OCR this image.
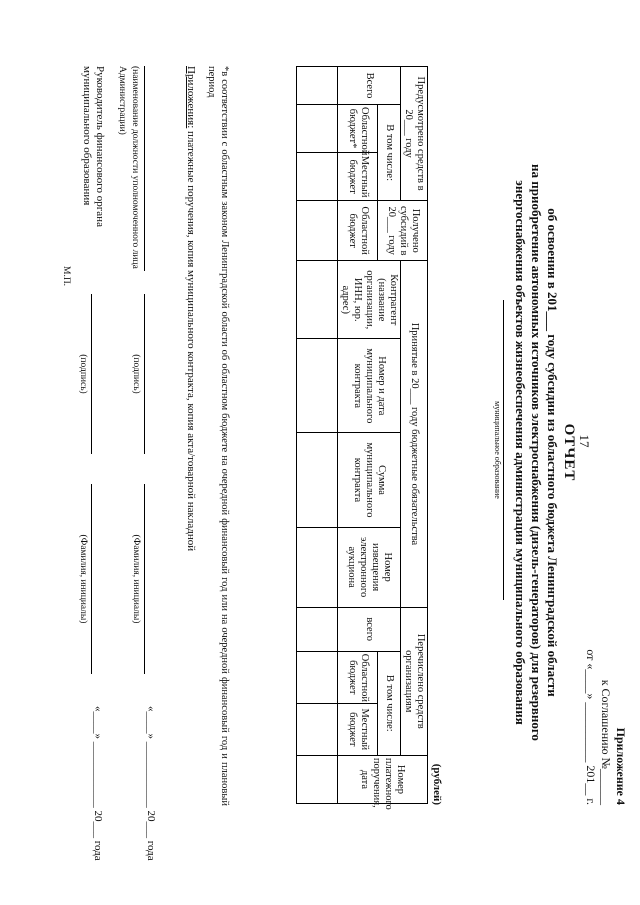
17
Приложение 4
к Соглашению №______
от «____» __________ 201__ г.
ОТЧЕТ
об освоении в 201___ году субсидии из областного бюджета Ленинградской области
на приобретение автономных источников электроснабжения (дизель-генераторов) для резервного
энергоснабжения объектов жизнеобеспечения администрации муниципального образования
муниципальное образование
(рублей)
Предусмотрено средств в 20___ году			Получено субсидий в 20___ году	Принятые в 20___ году бюджетные обязательства				Перечислено средств организациям			Номер платежного поручения, дата
Всего	В том числе:			Контрагент (название организации, ИНН, юр. адрес)	Номер и дата муниципального контракта	Сумма муниципального контракта	Номер извещения электронного аукциона	всего	В том числе:		
	Областной бюджет*	Местный бюджет	Областной бюджет						Областной бюджет	Местный бюджет	

*в соответствии с областным законом Ленинградской области об областном бюджете на очередной финансовый год или на очередной финансовый год и плановый период
Приложения: платежные поручения, копия муниципального контракта, копия акта/товарной накладной
(наименование должности уполномоченного лица Администрации)
(подпись)
(Фамилия, инициалы)
«____» ____________ 20___ года
Руководитель финансового органа
муниципального образования
(подпись)
(Фамилия, инициалы)
«____» ____________ 20___ года
М.П.
